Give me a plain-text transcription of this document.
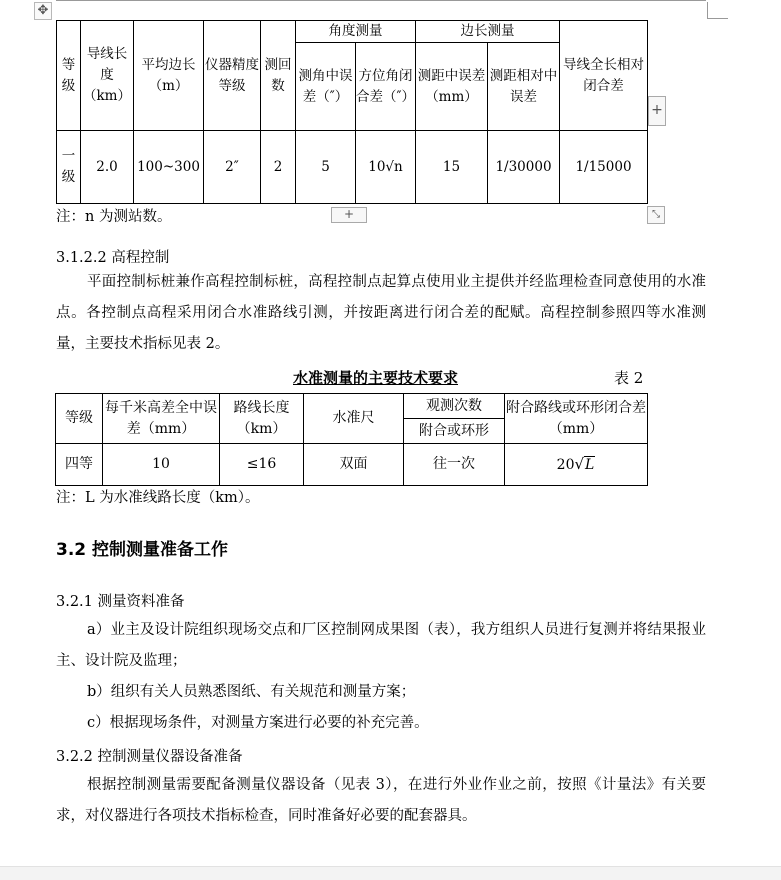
✥
等级	导线长度（km）	平均边长（m）	仪器精度等级	测回数	角度测量		边长测量		导线全长相对闭合差
					测角中误差（″）	方位角闭合差（″）	测距中误差（mm）	测距相对中误差	
一级	2.0	100~300	2″	2	5	10√n	15	1/30000	1/15000
+
+	⤡
注：n 为测站数。
3.1.2.2 高程控制
平面控制标桩兼作高程控制标桩，高程控制点起算点使用业主提供并经监理检查同意使用的水准点。各控制点高程采用闭合水准路线引测，并按距离进行闭合差的配赋。高程控制参照四等水准测量，主要技术指标见表 2。
水准测量的主要技术要求	表 2
等级	每千米高差全中误差（mm）	路线长度（km）	水准尺	观测次数	附合路线或环形闭合差（mm）
				附合或环形	
四等	10	≤16	双面	往一次	20√L
注：L 为水准线路长度（km）。
3.2 控制测量准备工作
3.2.1 测量资料准备
a）业主及设计院组织现场交点和厂区控制网成果图（表），我方组织人员进行复测并将结果报业主、设计院及监理；
b）组织有关人员熟悉图纸、有关规范和测量方案；
c）根据现场条件，对测量方案进行必要的补充完善。
3.2.2 控制测量仪器设备准备
根据控制测量需要配备测量仪器设备（见表 3），在进行外业作业之前，按照《计量法》有关要求，对仪器进行各项技术指标检查，同时准备好必要的配套器具。
